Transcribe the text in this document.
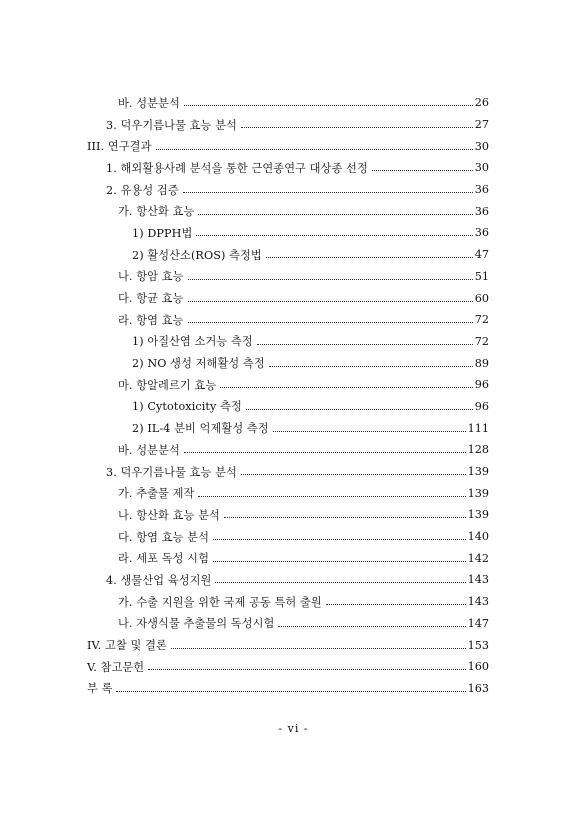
바. 성분분석	26
3. 덕우기름나물 효능 분석	27
III. 연구결과	30
1. 해외활용사례 분석을 통한 근연종연구 대상종 선정	30
2. 유용성 검증	36
가. 항산화 효능	36
1) DPPH법	36
2) 활성산소(ROS) 측정법	47
나. 항암 효능	51
다. 항균 효능	60
라. 항염 효능	72
1) 아질산염 소거능 측정	72
2) NO 생성 저해활성 측정	89
마. 항알레르기 효능	96
1) Cytotoxicity 측정	96
2) IL-4 분비 억제활성 측정	111
바. 성분분석	128
3. 덕우기름나물 효능 분석	139
가. 추출물 제작	139
나. 항산화 효능 분석	139
다. 항염 효능 분석	140
라. 세포 독성 시험	142
4. 생물산업 육성지원	143
가. 수출 지원을 위한 국제 공동 특허 출원	143
나. 자생식물 추출물의 독성시험	147
IV. 고찰 및 결론	153
V. 참고문헌	160
부 록	163
- vi -
